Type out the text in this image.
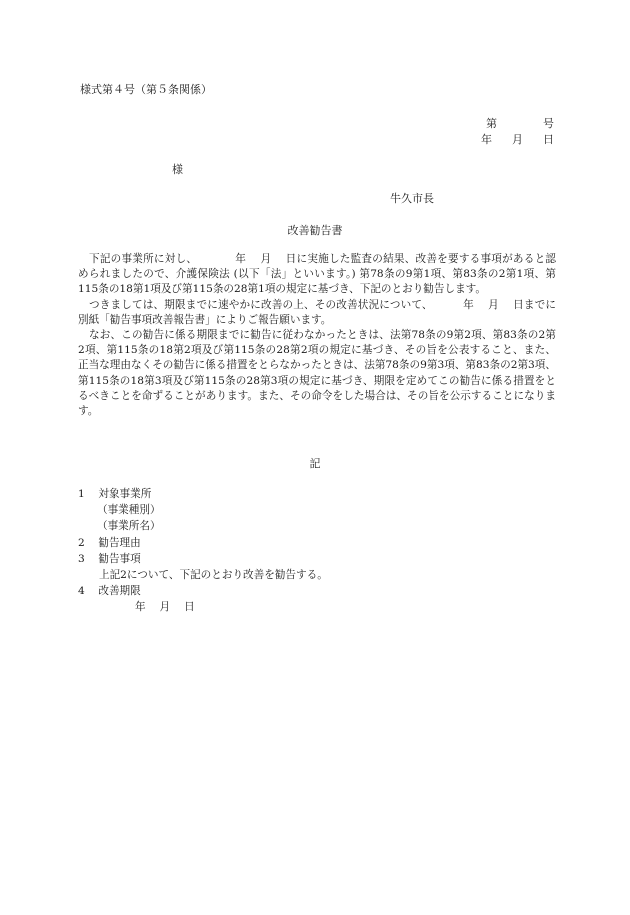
様式第４号（第５条関係）
第	号
年 月 日
様
牛久市長
改善勧告書

下記の事業所に対し、　　　　年　 月　 日に実施した監査の結果、改善を要する事項があると認められましたので、介護保険法 (以下「法」といいます。) 第78条の9第1項、第83条の2第1項、第115条の18第1項及び第115条の28第1項の規定に基づき、下記のとおり勧告します。

つきましては、期限までに速やかに改善の上、その改善状況について、　　　 年　 月　 日までに別紙「勧告事項改善報告書」によりご報告願います。

なお、この勧告に係る期限までに勧告に従わなかったときは、法第78条の9第2項、第83条の2第2項、第115条の18第2項及び第115条の28第2項の規定に基づき、その旨を公表すること、また、正当な理由なくその勧告に係る措置をとらなかったときは、法第78条の9第3項、第83条の2第3項、第115条の18第3項及び第115条の28第3項の規定に基づき、期限を定めてこの勧告に係る措置をとるべきことを命ずることがあります。また、その命令をした場合は、その旨を公示することになります。

記
1 対象事業所
（事業種別）
（事業所名）
2 勧告理由
3 勧告事項
上記2について、下記のとおり改善を勧告する。
4 改善期限
年　 月　 日
